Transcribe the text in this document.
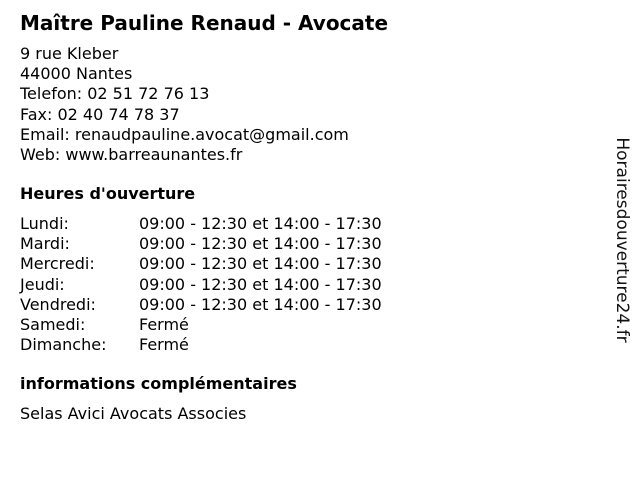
Maître Pauline Renaud - Avocate
9 rue Kleber
44000 Nantes
Telefon: 02 51 72 76 13
Fax: 02 40 74 78 37
Email: renaudpauline.avocat@gmail.com
Web: www.barreaunantes.fr
Heures d'ouverture
Lundi:	09:00 - 12:30 et 14:00 - 17:30
Mardi:	09:00 - 12:30 et 14:00 - 17:30
Mercredi:	09:00 - 12:30 et 14:00 - 17:30
Jeudi:	09:00 - 12:30 et 14:00 - 17:30
Vendredi:	09:00 - 12:30 et 14:00 - 17:30
Samedi:	Fermé
Dimanche:	Fermé
informations complémentaires
Selas Avici Avocats Associes
Horairesdouverture24.fr
